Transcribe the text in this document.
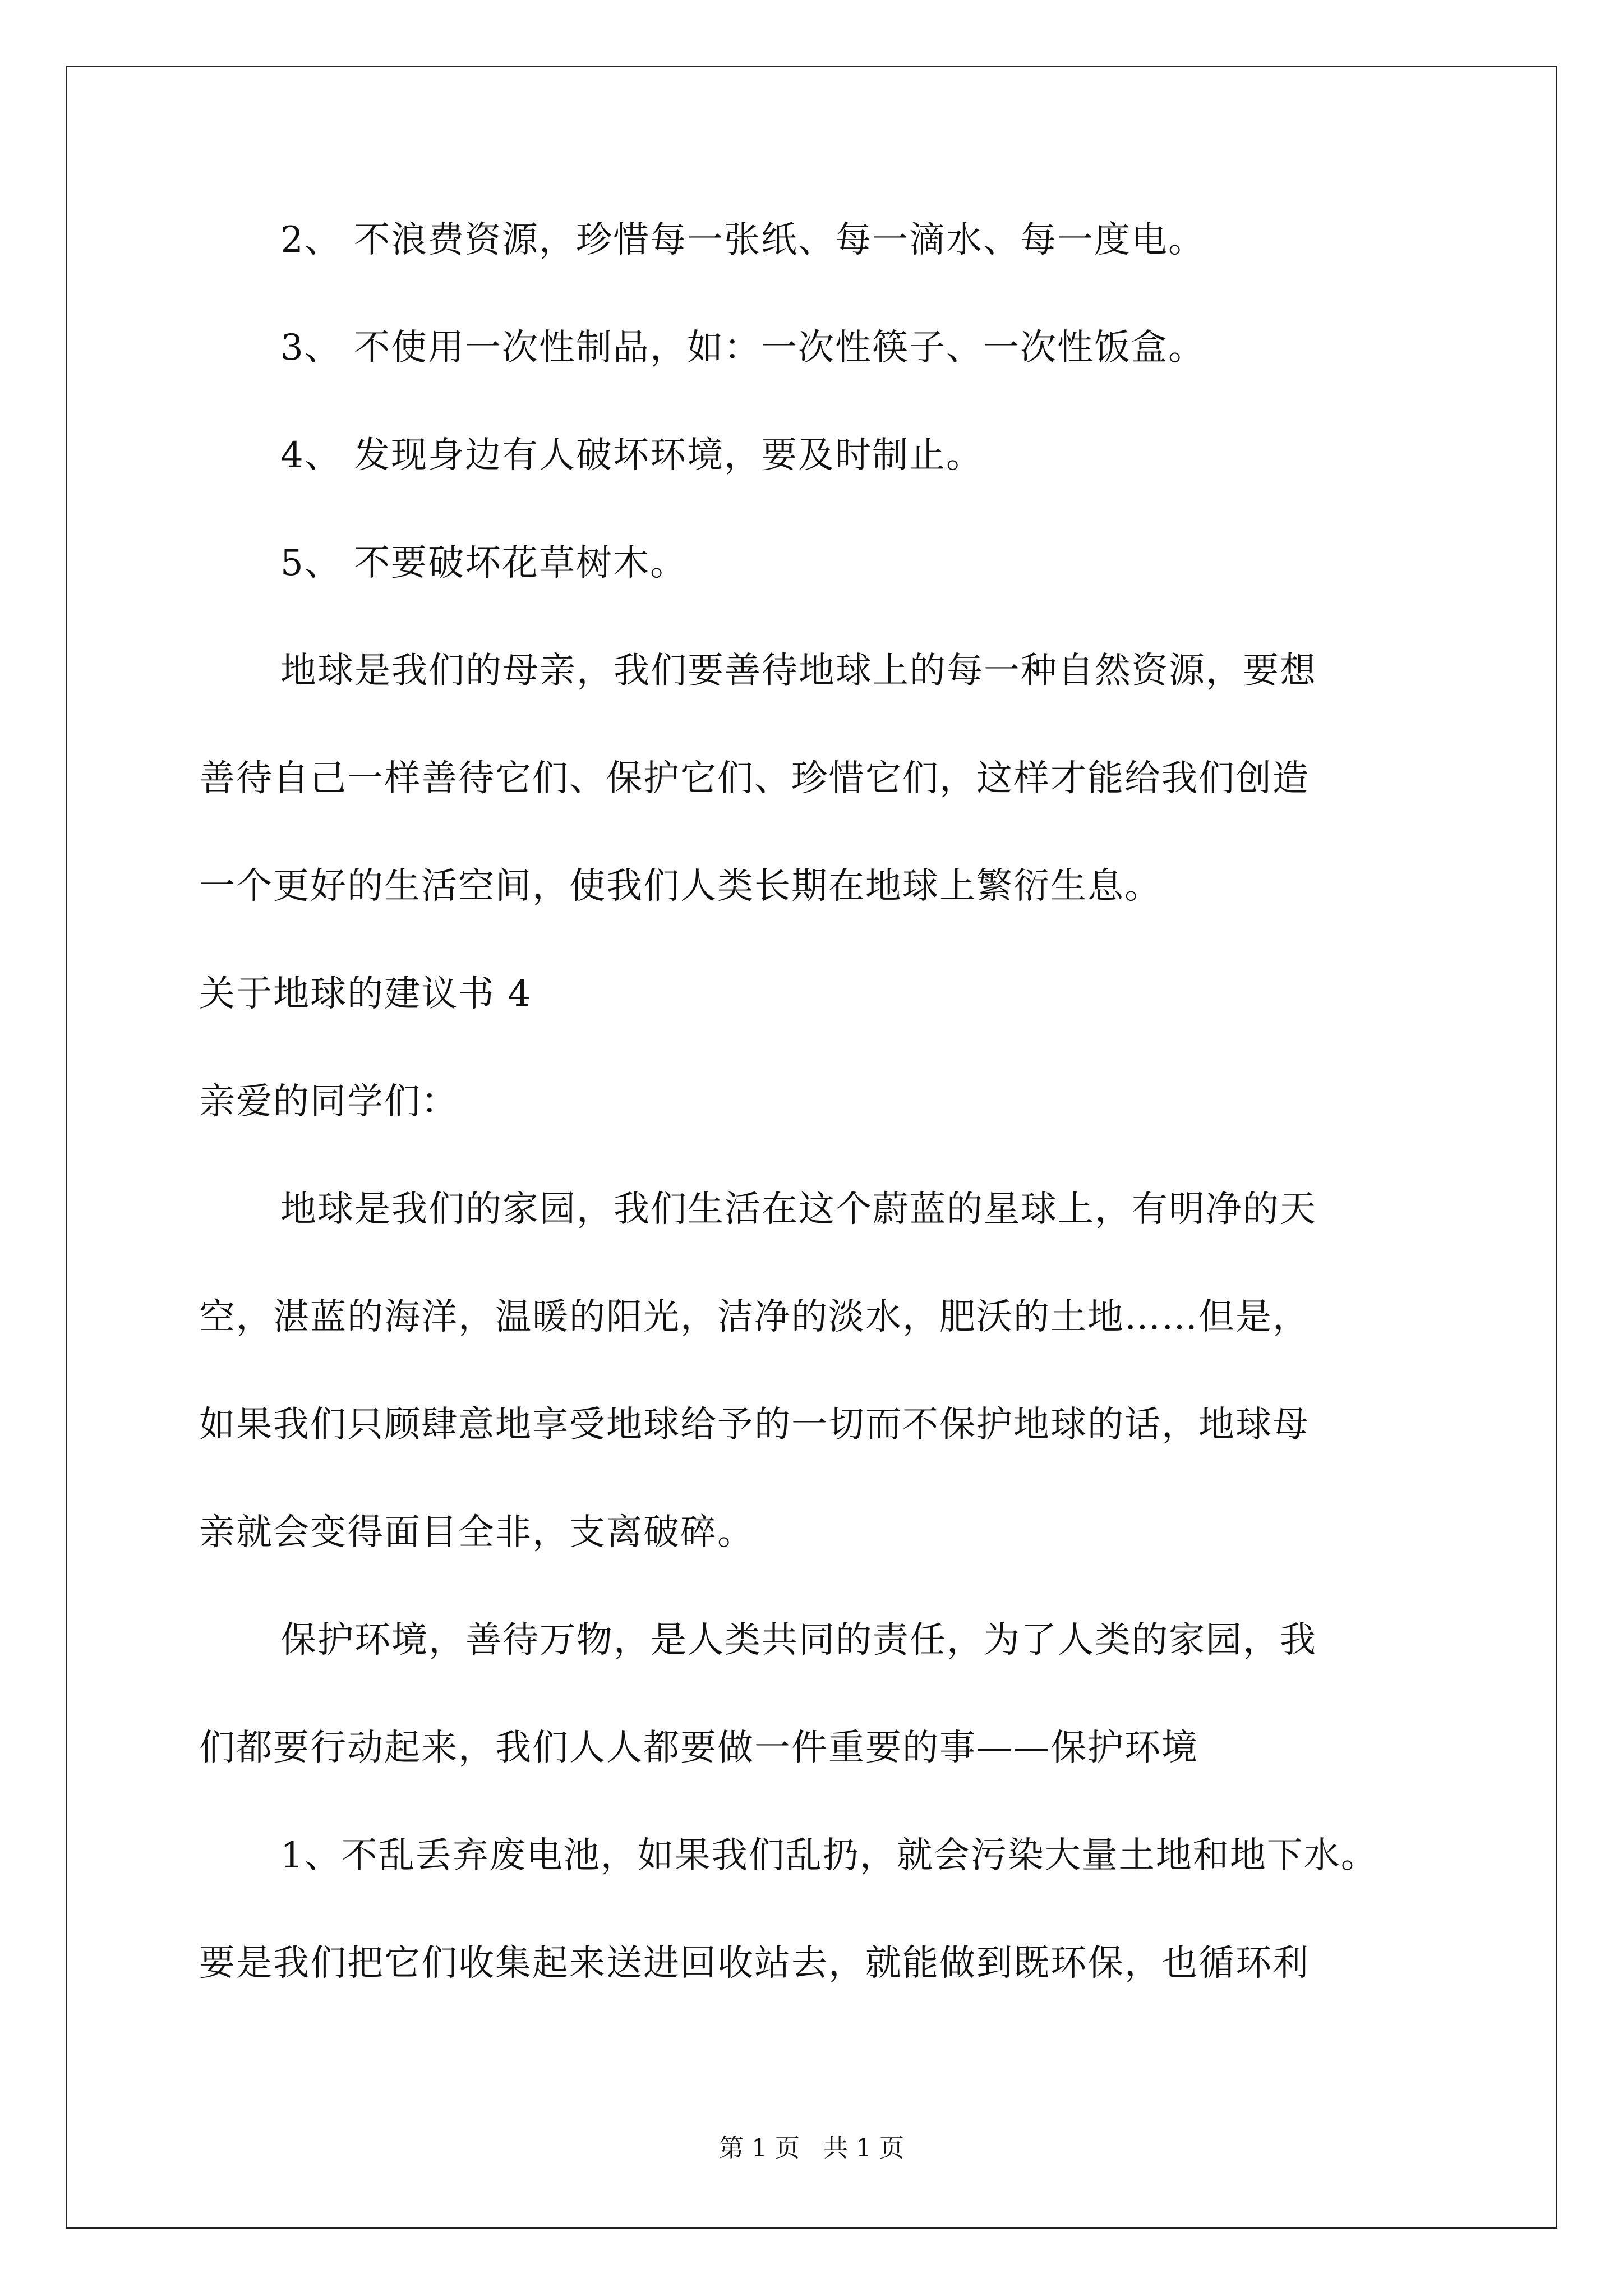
2、 不浪费资源，珍惜每一张纸、每一滴水、每一度电。
3、 不使用一次性制品，如：一次性筷子、一次性饭盒。
4、 发现身边有人破坏环境，要及时制止。
5、 不要破坏花草树木。
地球是我们的母亲，我们要善待地球上的每一种自然资源，要想
善待自己一样善待它们、保护它们、珍惜它们，这样才能给我们创造
一个更好的生活空间，使我们人类长期在地球上繁衍生息。
关于地球的建议书 4
亲爱的同学们：
地球是我们的家园，我们生活在这个蔚蓝的星球上，有明净的天
空，湛蓝的海洋，温暖的阳光，洁净的淡水，肥沃的土地……但是，
如果我们只顾肆意地享受地球给予的一切而不保护地球的话，地球母
亲就会变得面目全非，支离破碎。
保护环境，善待万物，是人类共同的责任，为了人类的家园，我
们都要行动起来，我们人人都要做一件重要的事——保护环境
1、不乱丢弃废电池，如果我们乱扔，就会污染大量土地和地下水。
要是我们把它们收集起来送进回收站去，就能做到既环保，也循环利
第 1 页   共 1 页
